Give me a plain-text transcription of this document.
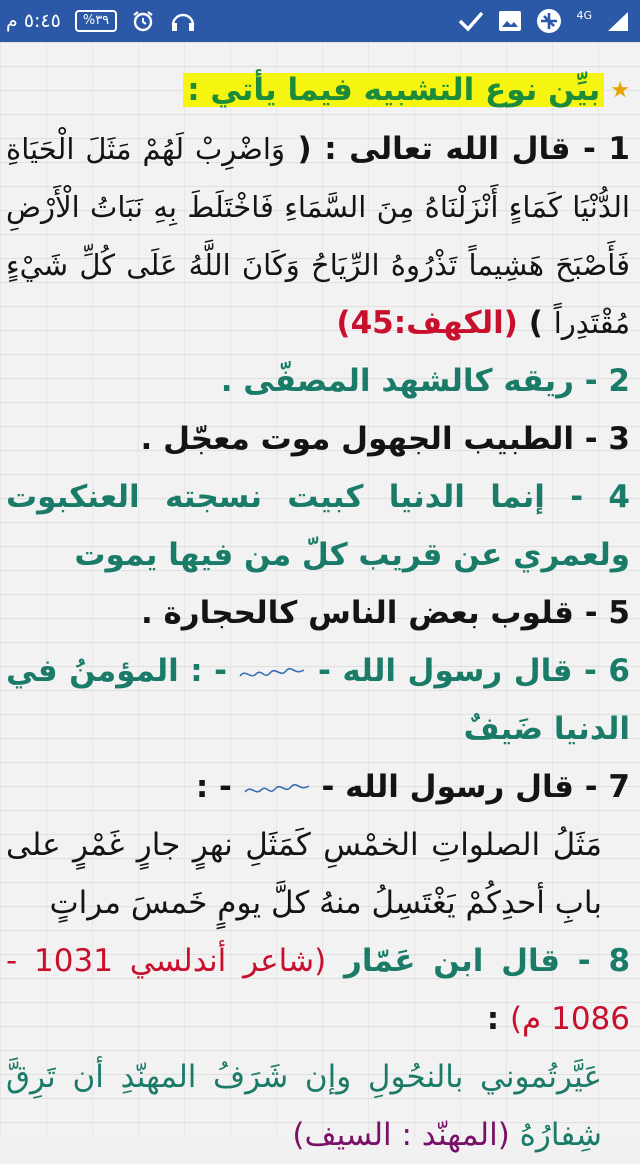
٥:٤٥ م	%٣٩	4G
★
بيِّن نوع التشبيه فيما يأتي :

1 - قال الله تعالى : ( وَاضْرِبْ لَهُمْ مَثَلَ الْحَيَاةِ الدُّنْيَا كَمَاءٍ أَنْزَلْنَاهُ مِنَ السَّمَاءِ فَاخْتَلَطَ بِهِ نَبَاتُ الْأَرْضِ فَأَصْبَحَ هَشِيماً تَذْرُوهُ الرِّيَاحُ وَكَانَ اللَّهُ عَلَى كُلِّ شَيْءٍ مُقْتَدِراً ) (الكهف:45)

2 - ريقه كالشهد المصفّى .

3 - الطبيب الجهول موت معجّل .

4 - إنما الدنيا كبيت نسجته العنكبوت ولعمري عن قريب كلّ من فيها يموت

5 - قلوب بعض الناس كالحجارة .

6 - قال رسول الله -  - : المؤمنُ في الدنيا ضَيفٌ

7 - قال رسول الله -  - :

مَثَلُ الصلواتِ الخمْسِ كَمَثَلِ نهرٍ جارٍ غَمْرٍ على بابِ أحدِكُمْ يَغْتَسِلُ منهُ كلَّ يومٍ خَمسَ مراتٍ

8 - قال ابن عَمّار (شاعر أندلسي 1031 - 1086 م) :

عَيَّرتُموني بالنحُولِ وإن شَرَفُ المهنّدِ أن تَرِقَّ شِفارُهُ (المهنّد : السيف)
